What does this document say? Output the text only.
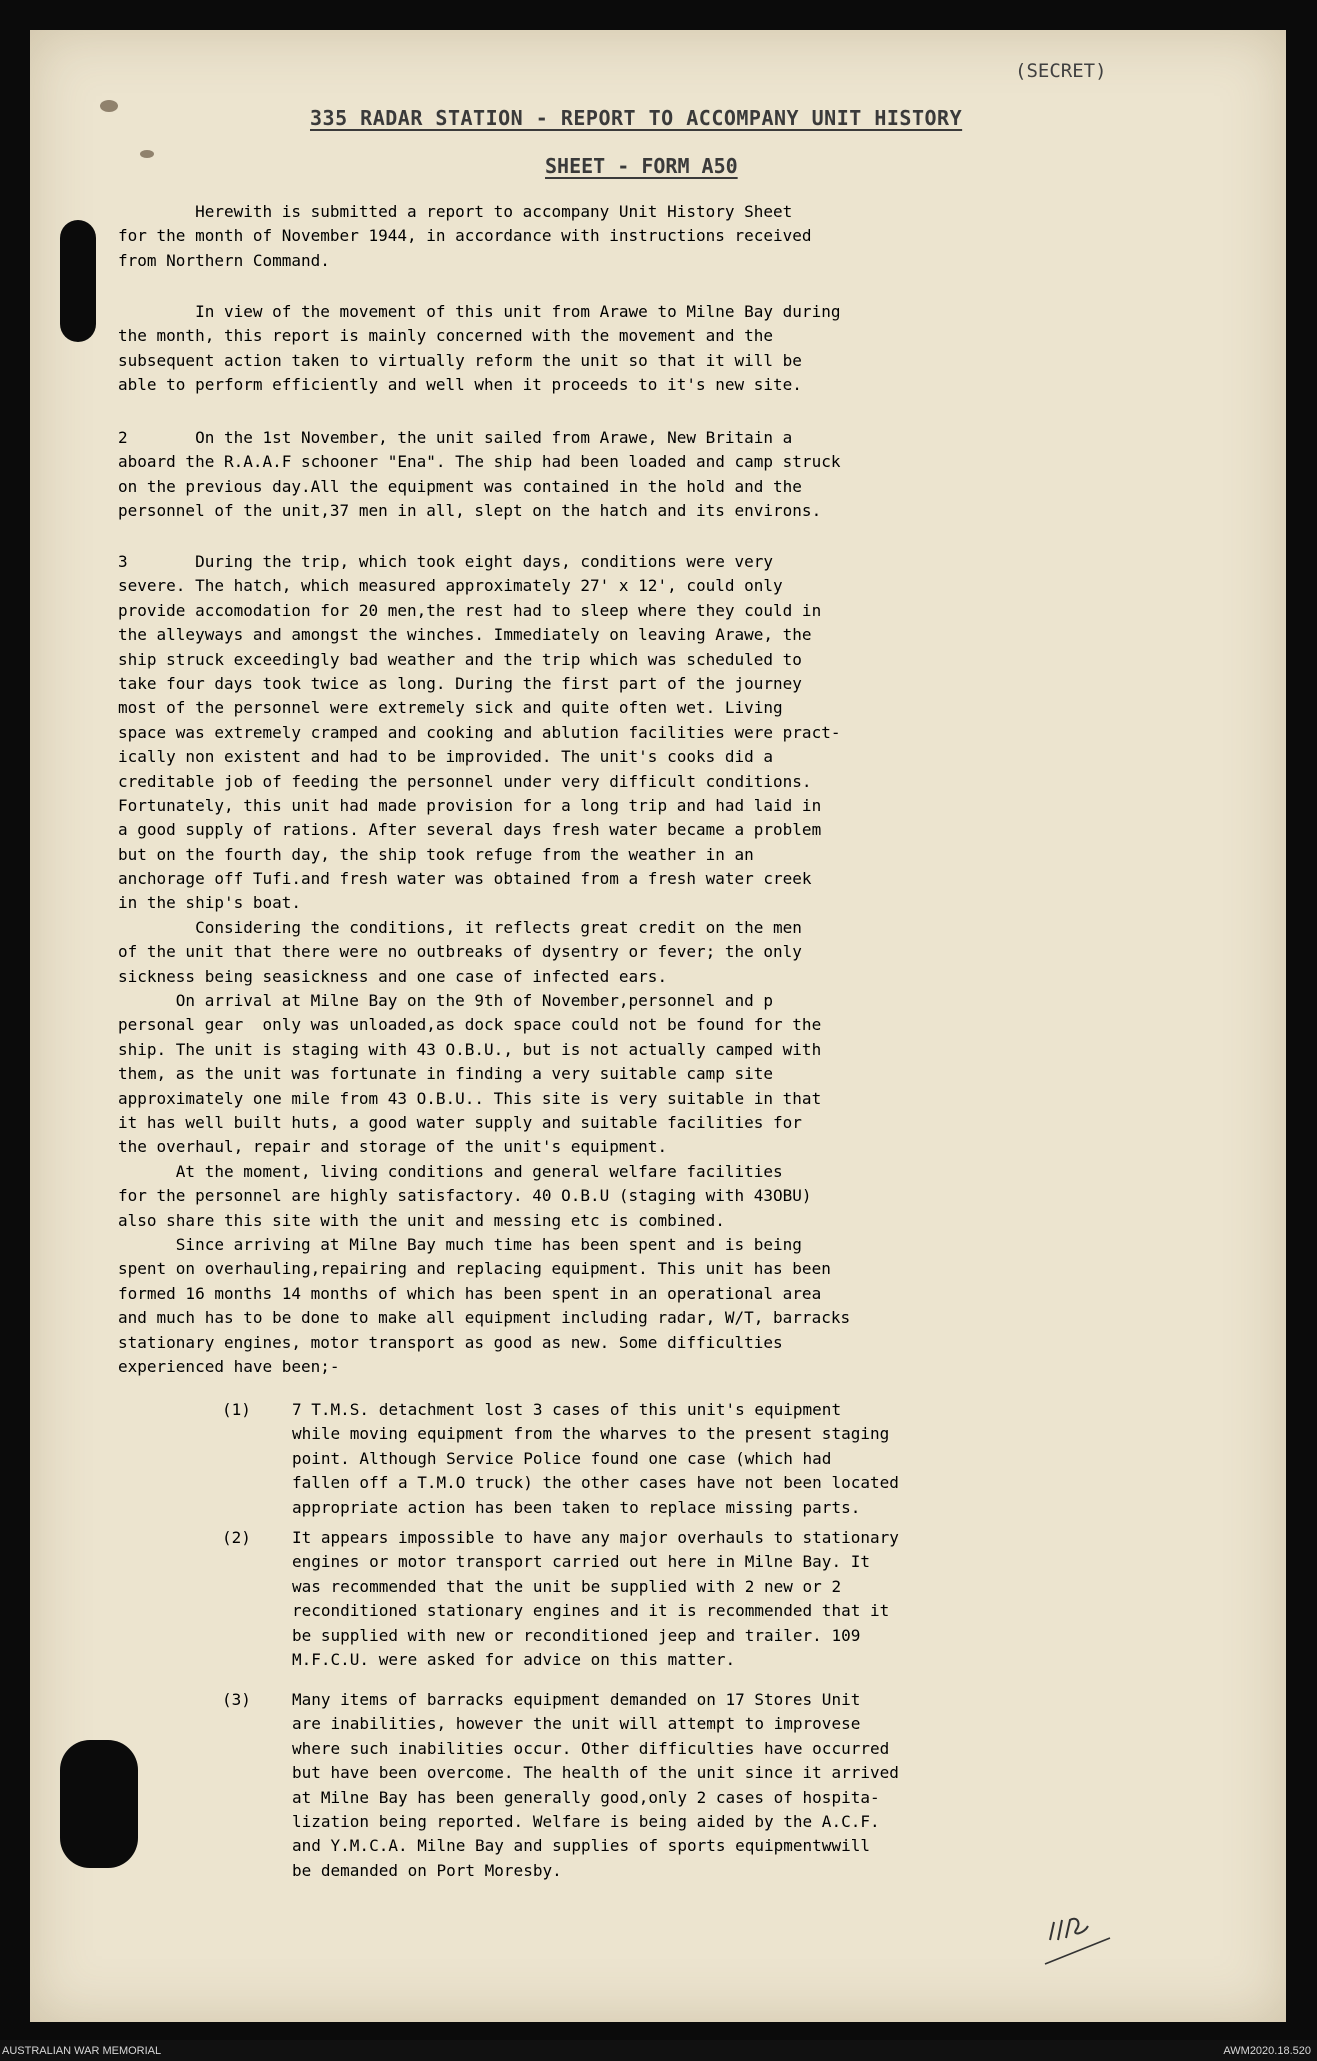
(SECRET)
335 RADAR STATION - REPORT TO ACCOMPANY UNIT HISTORY
SHEET - FORM A50
AUSTRALIAN WAR MEMORIAL	AWM2020.18.520
Herewith is submitted a report to accompany Unit History Sheet
for the month of November 1944, in accordance with instructions received
from Northern Command.
In view of the movement of this unit from Arawe to Milne Bay during
the month, this report is mainly concerned with the movement and the
subsequent action taken to virtually reform the unit so that it will be
able to perform efficiently and well when it proceeds to it's new site.
2       On the 1st November, the unit sailed from Arawe, New Britain a
aboard the R.A.A.F schooner "Ena". The ship had been loaded and camp struck
on the previous day.All the equipment was contained in the hold and the
personnel of the unit,37 men in all, slept on the hatch and its environs.
3       During the trip, which took eight days, conditions were very
severe. The hatch, which measured approximately 27' x 12', could only
provide accomodation for 20 men,the rest had to sleep where they could in
the alleyways and amongst the winches. Immediately on leaving Arawe, the
ship struck exceedingly bad weather and the trip which was scheduled to
take four days took twice as long. During the first part of the journey
most of the personnel were extremely sick and quite often wet. Living
space was extremely cramped and cooking and ablution facilities were pract-
ically non existent and had to be improvided. The unit's cooks did a
creditable job of feeding the personnel under very difficult conditions.
Fortunately, this unit had made provision for a long trip and had laid in
a good supply of rations. After several days fresh water became a problem
but on the fourth day, the ship took refuge from the weather in an
anchorage off Tufi.and fresh water was obtained from a fresh water creek
in the ship's boat.
Considering the conditions, it reflects great credit on the men
of the unit that there were no outbreaks of dysentry or fever; the only
sickness being seasickness and one case of infected ears.
On arrival at Milne Bay on the 9th of November,personnel and p
personal gear  only was unloaded,as dock space could not be found for the
ship. The unit is staging with 43 O.B.U., but is not actually camped with
them, as the unit was fortunate in finding a very suitable camp site
approximately one mile from 43 O.B.U.. This site is very suitable in that
it has well built huts, a good water supply and suitable facilities for
the overhaul, repair and storage of the unit's equipment.
At the moment, living conditions and general welfare facilities
for the personnel are highly satisfactory. 40 O.B.U (staging with 43OBU)
also share this site with the unit and messing etc is combined.
Since arriving at Milne Bay much time has been spent and is being
spent on overhauling,repairing and replacing equipment. This unit has been
formed 16 months 14 months of which has been spent in an operational area
and much has to be done to make all equipment including radar, W/T, barracks
stationary engines, motor transport as good as new. Some difficulties
experienced have been;-
(1)	7 T.M.S. detachment lost 3 cases of this unit's equipment
while moving equipment from the wharves to the present staging
point. Although Service Police found one case (which had
fallen off a T.M.O truck) the other cases have not been located
appropriate action has been taken to replace missing parts.
(2)	It appears impossible to have any major overhauls to stationary
engines or motor transport carried out here in Milne Bay. It
was recommended that the unit be supplied with 2 new or 2
reconditioned stationary engines and it is recommended that it
be supplied with new or reconditioned jeep and trailer. 109
M.F.C.U. were asked for advice on this matter.
(3)	Many items of barracks equipment demanded on 17 Stores Unit
are inabilities, however the unit will attempt to improvese
where such inabilities occur. Other difficulties have occurred
but have been overcome. The health of the unit since it arrived
at Milne Bay has been generally good,only 2 cases of hospita-
lization being reported. Welfare is being aided by the A.C.F.
and Y.M.C.A. Milne Bay and supplies of sports equipmentwwill
be demanded on Port Moresby.
